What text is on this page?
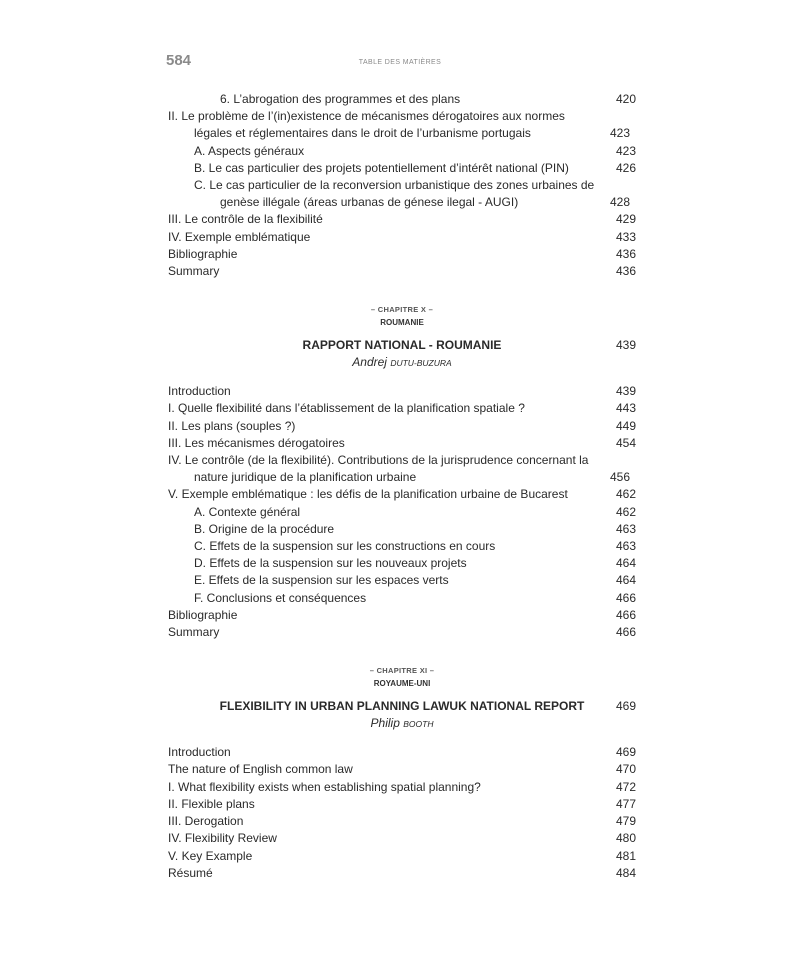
584	TABLE DES MATIÈRES
6. L’abrogation des programmes et des plans	420
II. Le problème de l’(in)existence de mécanismes dérogatoires aux normes légales et réglementaires dans le droit de l’urbanisme portugais	423
A. Aspects généraux	423
B. Le cas particulier des projets potentiellement d’intérêt national (PIN)	426
C. Le cas particulier de la reconversion urbanistique des zones urbaines de genèse illégale (áreas urbanas de génese ilegal - AUGI)	428
III. Le contrôle de la flexibilité	429
IV. Exemple emblématique	433
Bibliographie	436
Summary	436
– CHAPITRE X –
ROUMANIE
RAPPORT NATIONAL - ROUMANIE	439
Andrej DUTU-BUZURA
Introduction	439
I. Quelle flexibilité dans l’établissement de la planification spatiale ?	443
II. Les plans (souples ?)	449
III. Les mécanismes dérogatoires	454
IV. Le contrôle (de la flexibilité). Contributions de la jurisprudence concernant la nature juridique de la planification urbaine	456
V. Exemple emblématique : les défis de la planification urbaine de Bucarest	462
A. Contexte général	462
B. Origine de la procédure	463
C. Effets de la suspension sur les constructions en cours	463
D. Effets de la suspension sur les nouveaux projets	464
E. Effets de la suspension sur les espaces verts	464
F. Conclusions et conséquences	466
Bibliographie	466
Summary	466
– CHAPITRE XI –
ROYAUME-UNI
FLEXIBILITY IN URBAN PLANNING LAWUK NATIONAL REPORT	469
Philip BOOTH
Introduction	469
The nature of English common law	470
I. What flexibility exists when establishing spatial planning?	472
II. Flexible plans	477
III. Derogation	479
IV. Flexibility Review	480
V. Key Example	481
Résumé	484
